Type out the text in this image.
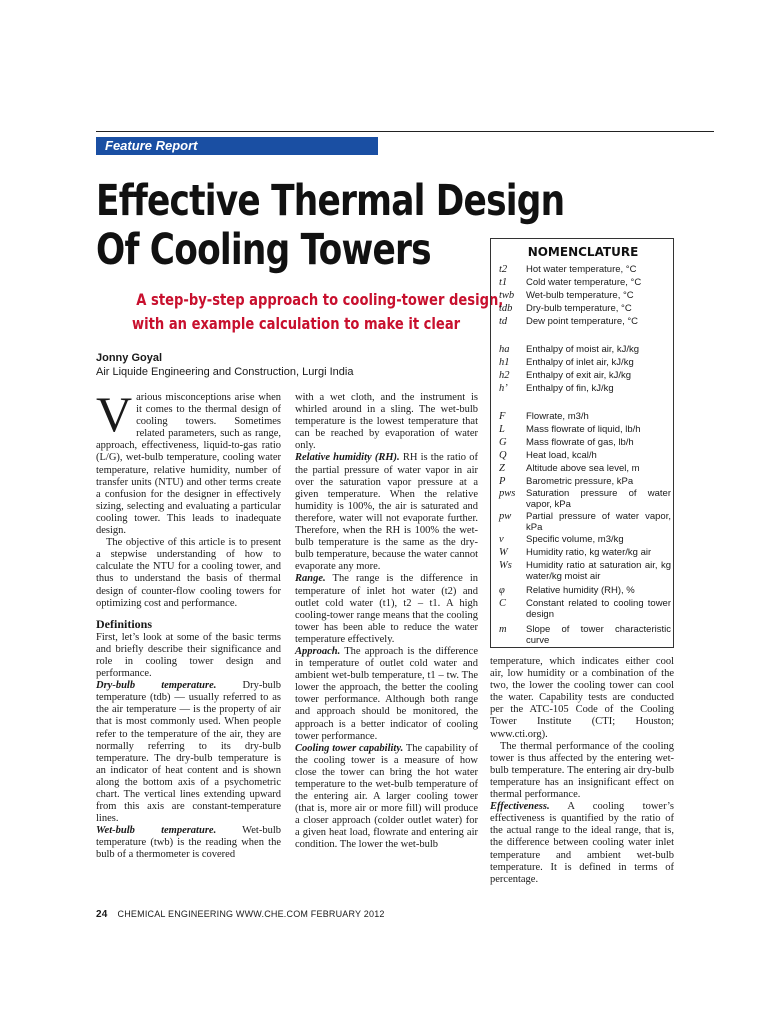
Feature Report
Effective Thermal Design
Of Cooling Towers
A step-by-step approach to cooling-tower design,
with an example calculation to make it clear
Jonny Goyal
Air Liquide Engineering and Construction, Lurgi India

Various misconceptions arise when it comes to the thermal design of cooling towers. Sometimes related parameters, such as range, approach, effectiveness, liquid-to-gas ratio (L/G), wet-bulb temperature, cooling water temperature, relative humidity, number of transfer units (NTU) and other terms create a confusion for the designer in effectively sizing, selecting and evaluating a particular cooling tower. This leads to inadequate design.

The objective of this article is to present a stepwise understanding of how to calculate the NTU for a cooling tower, and thus to understand the basis of thermal design of counter-flow cooling towers for optimizing cost and performance.

Definitions

First, let’s look at some of the basic terms and briefly describe their significance and role in cooling tower design and performance.

Dry-bulb temperature. Dry-bulb temperature (tdb) — usually referred to as the air temperature — is the property of air that is most commonly used. When people refer to the temperature of the air, they are normally referring to its dry-bulb temperature. The dry-bulb temperature is an indicator of heat content and is shown along the bottom axis of a psychometric chart. The vertical lines extending upward from this axis are constant-temperature lines.

Wet-bulb temperature. Wet-bulb temperature (twb) is the reading when the bulb of a thermometer is covered

with a wet cloth, and the instrument is whirled around in a sling. The wet-bulb temperature is the lowest temperature that can be reached by evaporation of water only.

Relative humidity (RH). RH is the ratio of the partial pressure of water vapor in air over the saturation vapor pressure at a given temperature. When the relative humidity is 100%, the air is saturated and therefore, water will not evaporate further. Therefore, when the RH is 100% the wet-bulb temperature is the same as the dry-bulb temperature, because the water cannot evaporate any more.

Range. The range is the difference in temperature of inlet hot water (t2) and outlet cold water (t1), t2 – t1. A high cooling-tower range means that the cooling tower has been able to reduce the water temperature effectively.

Approach. The approach is the difference in temperature of outlet cold water and ambient wet-bulb temperature, t1 – tw. The lower the approach, the better the cooling tower performance. Although both range and approach should be monitored, the approach is a better indicator of cooling tower performance.

Cooling tower capability. The capability of the cooling tower is a measure of how close the tower can bring the hot water temperature to the wet-bulb temperature of the entering air. A larger cooling tower (that is, more air or more fill) will produce a closer approach (colder outlet water) for a given heat load, flowrate and entering air condition. The lower the wet-bulb

NOMENCLATURE
t2 Hot water temperature, °C
t1 Cold water temperature, °C
twb Wet-bulb temperature, °C
tdb Dry-bulb temperature, °C
td Dew point temperature, °C
ha Enthalpy of moist air, kJ/kg
h1 Enthalpy of inlet air, kJ/kg
h2 Enthalpy of exit air, kJ/kg
h’ Enthalpy of fin, kJ/kg
F Flowrate, m3/h
L Mass flowrate of liquid, lb/h
G Mass flowrate of gas, lb/h
Q Heat load, kcal/h
Z Altitude above sea level, m
P Barometric pressure, kPa
pws Saturation pressure of water vapor, kPa
pw Partial pressure of water vapor, kPa
v Specific volume, m3/kg
W Humidity ratio, kg water/kg air
Ws Humidity ratio at saturation air, kg water/kg moist air
φ Relative humidity (RH), %
C Constant related to cooling tower design
m Slope of tower characteristic curve

temperature, which indicates either cool air, low humidity or a combination of the two, the lower the cooling tower can cool the water. Capability tests are conducted per the ATC-105 Code of the Cooling Tower Institute (CTI; Houston; www.cti.org).

The thermal performance of the cooling tower is thus affected by the entering wet-bulb temperature. The entering air dry-bulb temperature has an insignificant effect on thermal performance.

Effectiveness. A cooling tower’s effectiveness is quantified by the ratio of the actual range to the ideal range, that is, the difference between cooling water inlet temperature and ambient wet-bulb temperature. It is defined in terms of percentage.

24 CHEMICAL ENGINEERING WWW.CHE.COM FEBRUARY 2012
